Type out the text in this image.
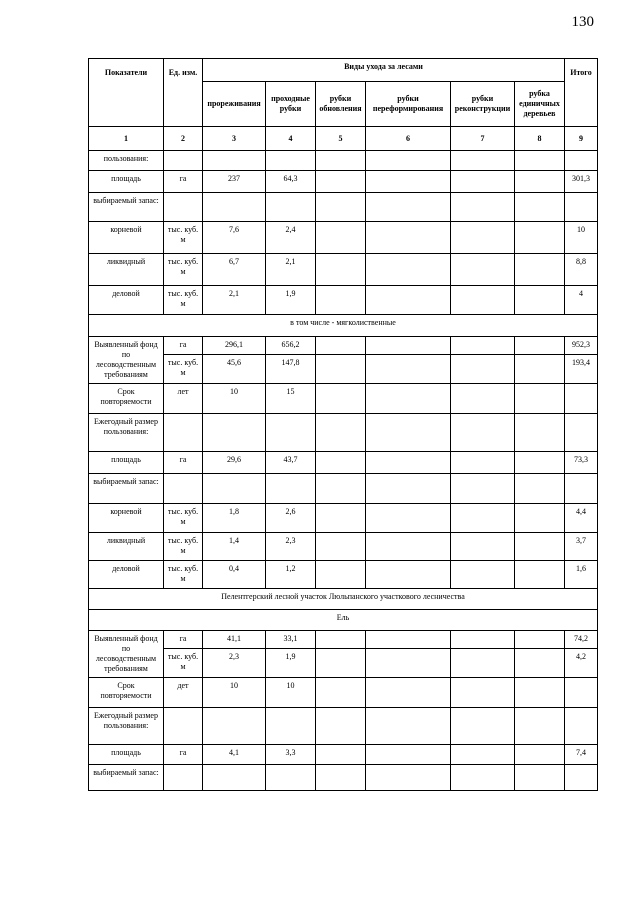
130
Показатели	Ед. изм.	Виды ухода за лесами						Итого
		прореживания	проходные рубки	рубки обновления	рубки переформирования	рубки реконструкции	рубка единичных деревьев	
1	2	3	4	5	6	7	8	9
пользования:								
площадь	га	237	64,3					301,3
выбираемый запас:								
корневой	тыс. куб. м	7,6	2,4					10
ликвидный	тыс. куб. м	6,7	2,1					8,8
деловой	тыс. куб. м	2,1	1,9					4
в том числе - мягколиственные								
Выявленный фонд по лесоводственным требованиям	га	296,1	656,2					952,3
	тыс. куб. м	45,6	147,8					193,4
Срок повторяемости	лет	10	15					
Ежегодный размер пользования:								
площадь	га	29,6	43,7					73,3
выбираемый запас:								
корневой	тыс. куб. м	1,8	2,6					4,4
ликвидный	тыс. куб. м	1,4	2,3					3,7
деловой	тыс. куб. м	0,4	1,2					1,6
Пелентгерский лесной участок Люльпанского участкового лесничества								
Ель								
Выявленный фонд по лесоводственным требованиям	га	41,1	33,1					74,2
	тыс. куб. м	2,3	1,9					4,2
Срок повторяемости	дет	10	10					
Ежегодный размер пользования:								
площадь	га	4,1	3,3					7,4
выбираемый запас:								
